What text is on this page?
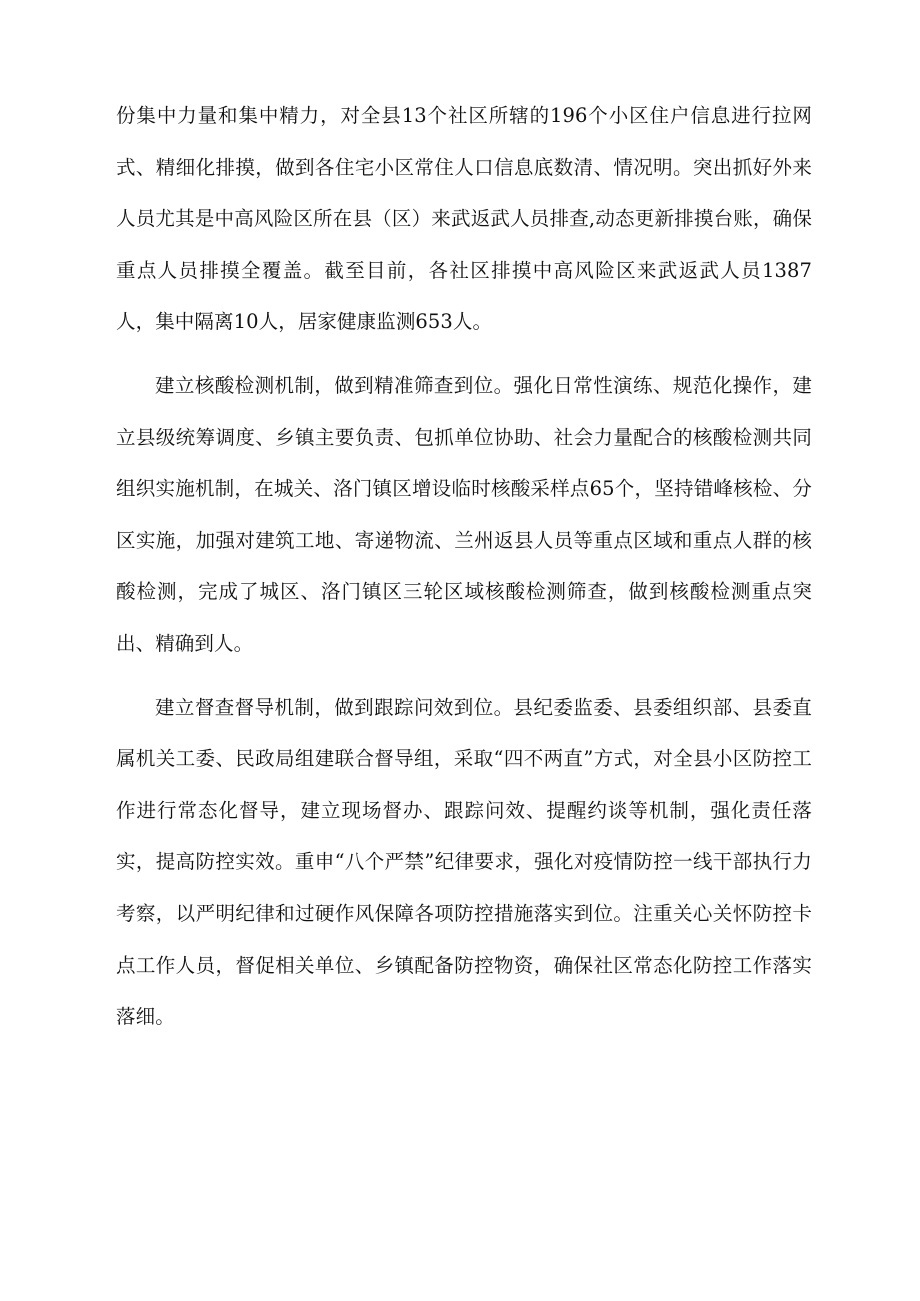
份集中力量和集中精力，对全县13个社区所辖的196个小区住户信息进行拉网式、精细化排摸，做到各住宅小区常住人口信息底数清、情况明。突出抓好外来人员尤其是中高风险区所在县（区）来武返武人员排查,动态更新排摸台账，确保重点人员排摸全覆盖。截至目前，各社区排摸中高风险区来武返武人员1387人，集中隔离10人，居家健康监测653人。

建立核酸检测机制，做到精准筛查到位。强化日常性演练、规范化操作，建立县级统筹调度、乡镇主要负责、包抓单位协助、社会力量配合的核酸检测共同组织实施机制，在城关、洛门镇区增设临时核酸采样点65个，坚持错峰核检、分区实施，加强对建筑工地、寄递物流、兰州返县人员等重点区域和重点人群的核酸检测，完成了城区、洛门镇区三轮区域核酸检测筛查，做到核酸检测重点突出、精确到人。

建立督查督导机制，做到跟踪问效到位。县纪委监委、县委组织部、县委直属机关工委、民政局组建联合督导组，采取“四不两直”方式，对全县小区防控工作进行常态化督导，建立现场督办、跟踪问效、提醒约谈等机制，强化责任落实，提高防控实效。重申“八个严禁”纪律要求，强化对疫情防控一线干部执行力考察，以严明纪律和过硬作风保障各项防控措施落实到位。注重关心关怀防控卡点工作人员，督促相关单位、乡镇配备防控物资，确保社区常态化防控工作落实落细。
